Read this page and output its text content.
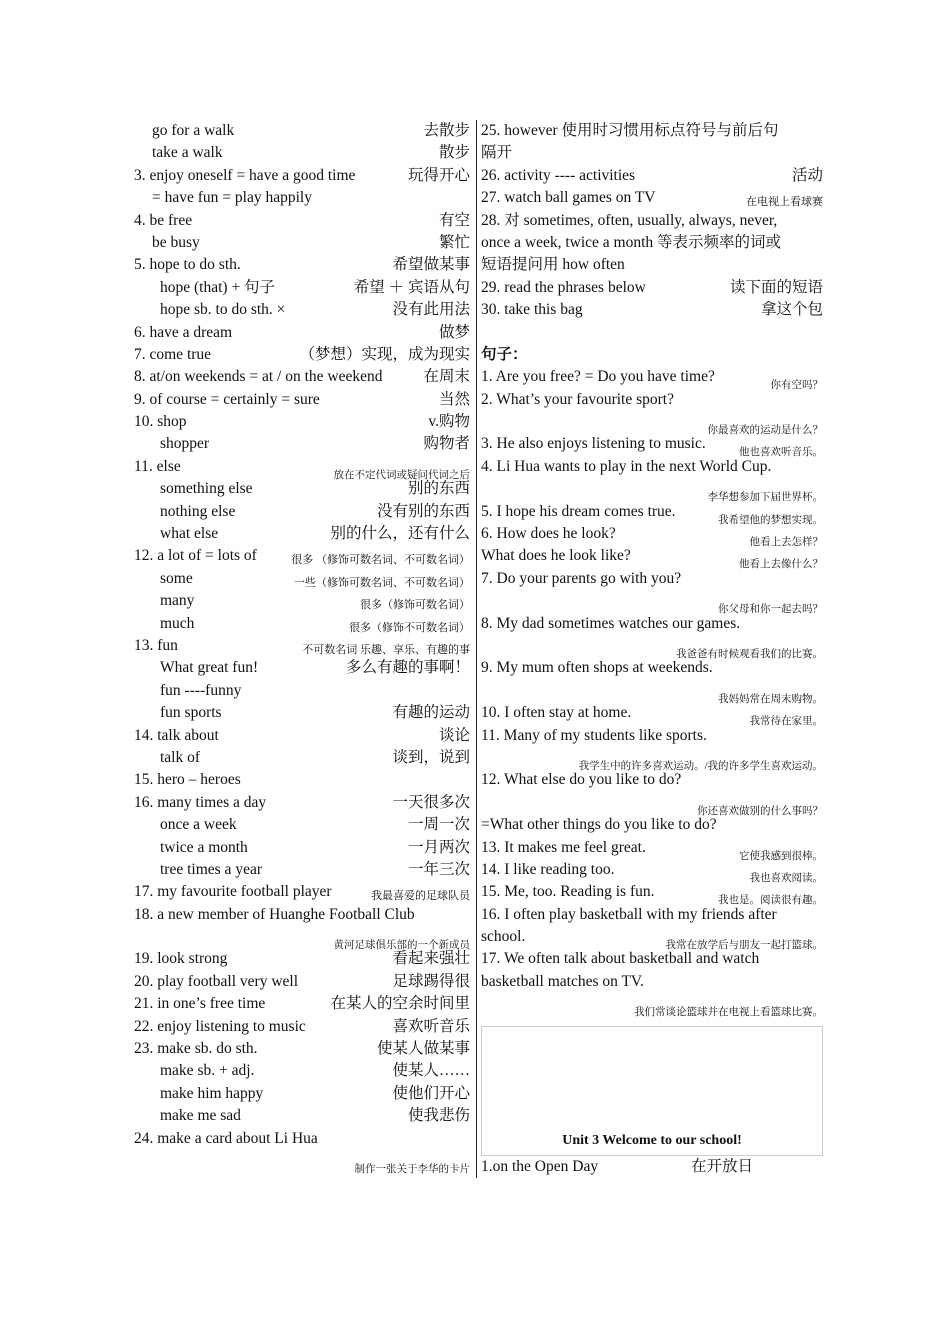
go for a walk	去散步
take a walk	散步
3. enjoy oneself = have a good time	玩得开心
= have fun = play happily
4. be free	有空
be busy	繁忙
5. hope to do sth.	希望做某事
hope (that) + 句子	希望 ＋ 宾语从句
hope sb. to do sth. ×	没有此用法
6. have a dream	做梦
7. come true	（梦想）实现，成为现实
8. at/on weekends = at / on the weekend	在周末
9. of course = certainly = sure	当然
10. shop	v.购物
shopper	购物者
11. else
放在不定代词或疑问代词之后
something else	别的东西
nothing else	没有别的东西
what else	别的什么，还有什么
12. a lot of = lots of	很多 （修饰可数名词、不可数名词）
some	一些（修饰可数名词、不可数名词）
many	很多（修饰可数名词）
much	很多（修饰不可数名词）
13. fun	不可数名词 乐趣、享乐、有趣的事
What great fun!	多么有趣的事啊！
fun ----funny
fun sports	有趣的运动
14. talk about	谈论
talk of	谈到，说到
15. hero – heroes
16. many times a day	一天很多次
once a week	一周一次
twice a month	一月两次
tree times a year	一年三次
17. my favourite football player	我最喜爱的足球队员
18. a new member of Huanghe Football Club
黄河足球俱乐部的一个新成员
19. look strong	看起来强壮
20. play football very well	足球踢得很
21. in one’s free time	在某人的空余时间里
22. enjoy listening to music	喜欢听音乐
23. make sb. do sth.	使某人做某事
make sb. + adj.	使某人……
make him happy	使他们开心
make me sad	使我悲伤
24. make a card about Li Hua
制作一张关于李华的卡片
25. however 使用时习惯用标点符号与前后句
隔开
26. activity ---- activities	活动
27. watch ball games on TV	在电视上看球赛
28. 对 sometimes, often, usually, always, never,
once a week, twice a month 等表示频率的词或
短语提问用 how often
29. read the phrases below	读下面的短语
30. take this bag	拿这个包
句子：
1. Are you free? = Do you have time?
你有空吗？
2. What’s your favourite sport?
你最喜欢的运动是什么？
3. He also enjoys listening to music.
他也喜欢听音乐。
4. Li Hua wants to play in the next World Cup.
李华想参加下届世界杯。
5. I hope his dream comes true.
我希望他的梦想实现。
6. How does he look?
他看上去怎样？
What does he look like?
他看上去像什么？
7. Do your parents go with you?
你父母和你一起去吗？
8. My dad sometimes watches our games.
我爸爸有时候观看我们的比赛。
9. My mum often shops at weekends.
我妈妈常在周末购物。
10. I often stay at home.
我常待在家里。
11. Many of my students like sports.
我学生中的许多喜欢运动。/我的许多学生喜欢运动。
12. What else do you like to do?
你还喜欢做别的什么事吗？
=What other things do you like to do?
13. It makes me feel great.
它使我感到很棒。
14. I like reading too.
我也喜欢阅读。
15. Me, too. Reading is fun.
我也是。阅读很有趣。
16. I often play basketball with my friends after
school.
我常在放学后与朋友一起打篮球。
17. We often talk about basketball and watch
basketball matches on TV.
我们常谈论篮球并在电视上看篮球比赛。
Unit 3 Welcome to our school!
1.on the Open Day	在开放日
